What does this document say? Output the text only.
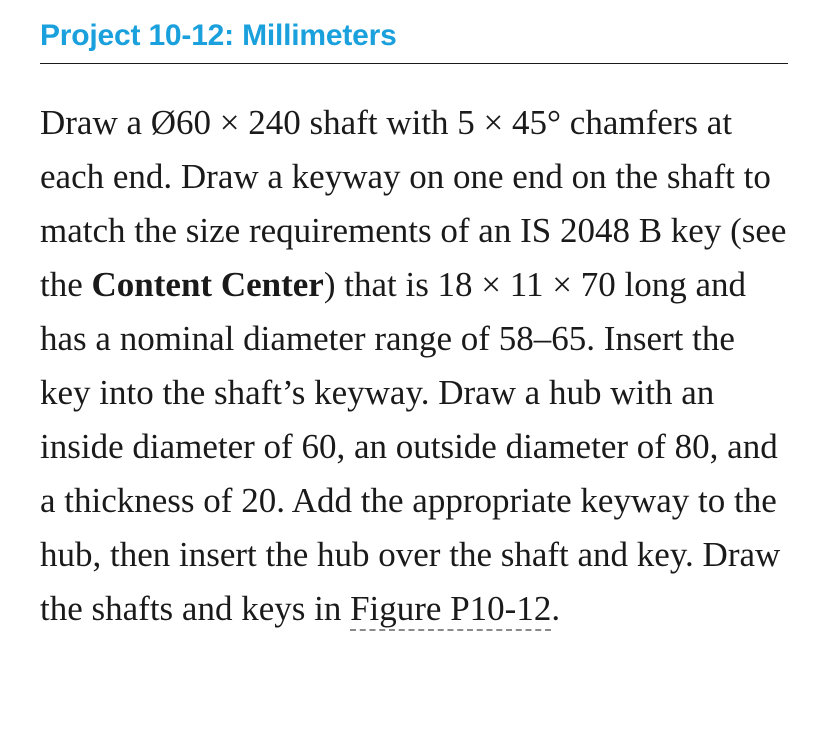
Project 10-12: Millimeters

Draw a Ø60 × 240 shaft with 5 × 45° chamfers at each end. Draw a keyway on one end on the shaft to match the size requirements of an IS 2048 B key (see the Content Center) that is 18 × 11 × 70 long and has a nominal diameter range of 58–65. Insert the key into the shaft’s keyway. Draw a hub with an inside diameter of 60, an outside diameter of 80, and a thickness of 20. Add the appropriate keyway to the hub, then insert the hub over the shaft and key. Draw the shafts and keys in Figure P10-12.
